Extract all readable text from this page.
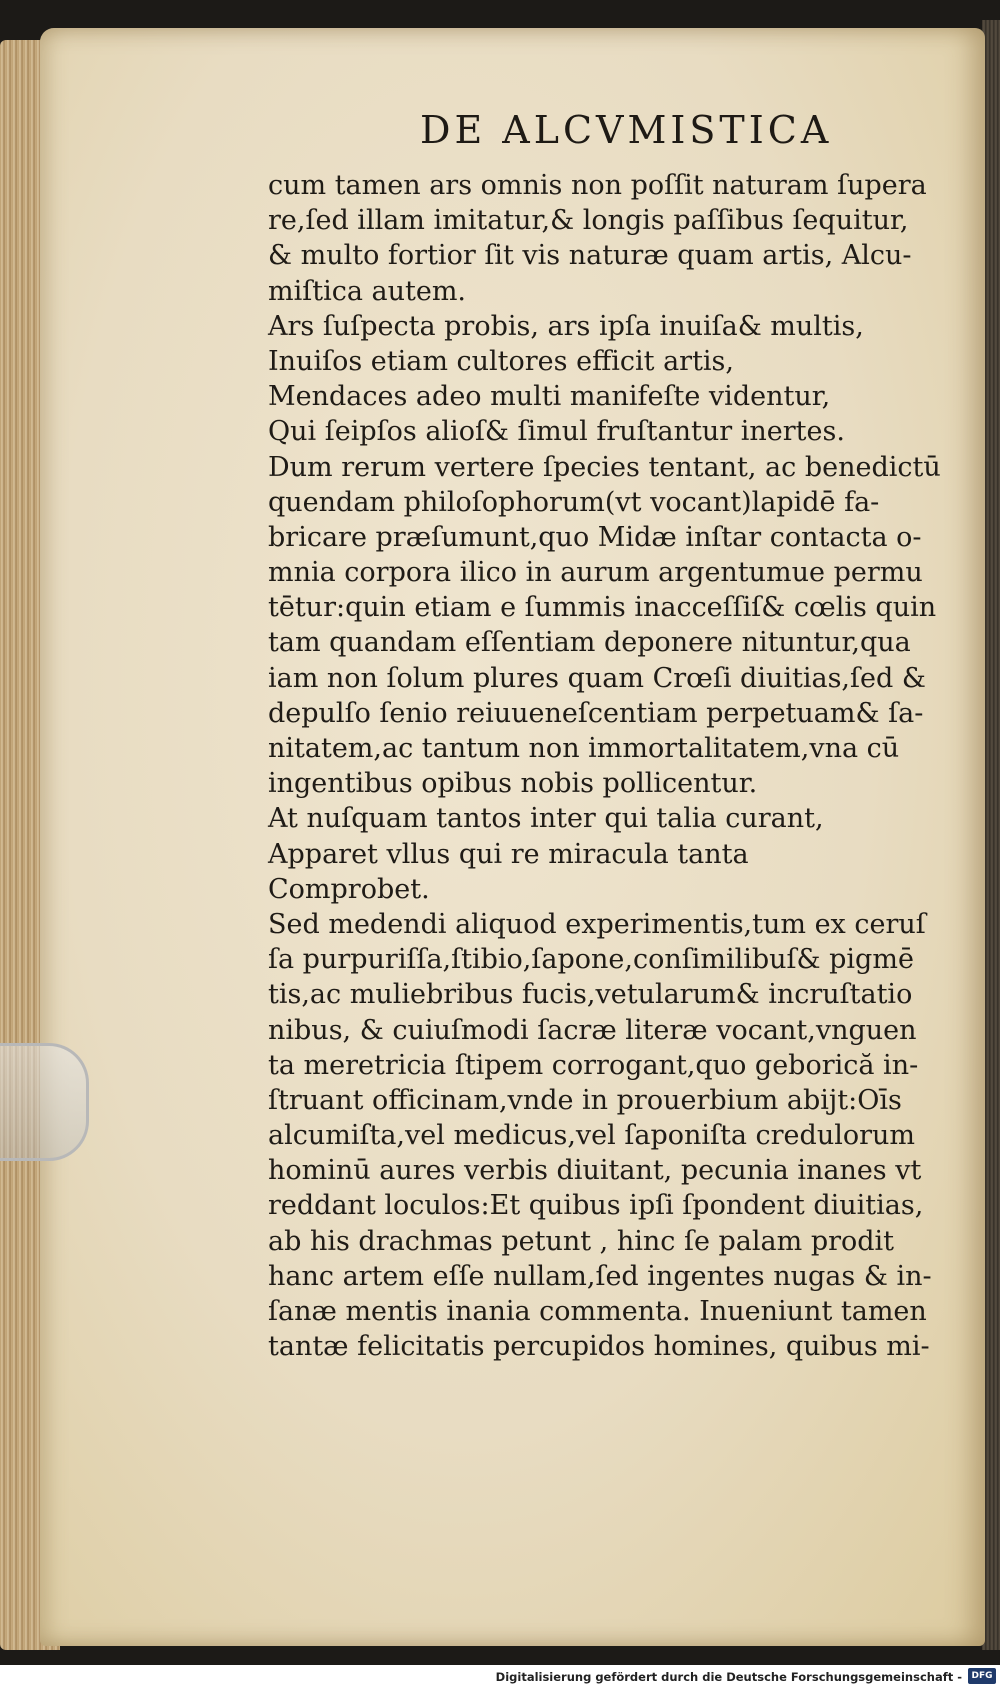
DE ALCVMISTICA
cum tamen ars omnis non poſſit naturam ſupera
re,ſed illam imitatur,& longis paſſibus ſequitur,
& multo fortior ſit vis naturæ quam artis, Alcu-
miſtica autem.
Ars ſuſpecta probis, ars ipſa inuiſa& multis,
Inuiſos etiam cultores efficit artis,
Mendaces adeo multi manifeſte videntur,
Qui ſeipſos alioſ& ſimul fruſtantur inertes.
Dum rerum vertere ſpecies tentant, ac benedictū
quendam philoſophorum(vt vocant)lapidē fa-
bricare præſumunt,quo Midæ inſtar contacta o-
mnia corpora ilico in aurum argentumue permu
tētur:quin etiam e ſummis inacceſſiſ& cœlis quin
tam quandam eſſentiam deponere nituntur,qua
iam non ſolum plures quam Crœſi diuitias,ſed &
depulſo ſenio reiuueneſcentiam perpetuam& ſa-
nitatem,ac tantum non immortalitatem,vna cū
ingentibus opibus nobis pollicentur.
At nuſquam tantos inter qui talia curant,
Apparet vllus qui re miracula tanta
Comprobet.
Sed medendi aliquod experimentis,tum ex ceruſ
ſa purpuriſſa,ſtibio,ſapone,conſimilibuſ& pigmē
tis,ac muliebribus fucis,vetularum& incruſtatio
nibus, & cuiuſmodi ſacræ literæ vocant,vnguen
ta meretricia ſtipem corrogant,quo geborică in-
ſtruant officinam,vnde in prouerbium abijt:Oīs
alcumiſta,vel medicus,vel ſaponiſta credulorum
hominū aures verbis diuitant, pecunia inanes vt
reddant loculos:Et quibus ipſi ſpondent diuitias,
ab his drachmas petunt , hinc ſe palam prodit
hanc artem eſſe nullam,ſed ingentes nugas & in-
ſanæ mentis inania commenta. Inueniunt tamen
tantæ felicitatis percupidos homines, quibus mi-
Digitalisierung gefördert durch die Deutsche Forschungsgemeinschaft -	DFG
